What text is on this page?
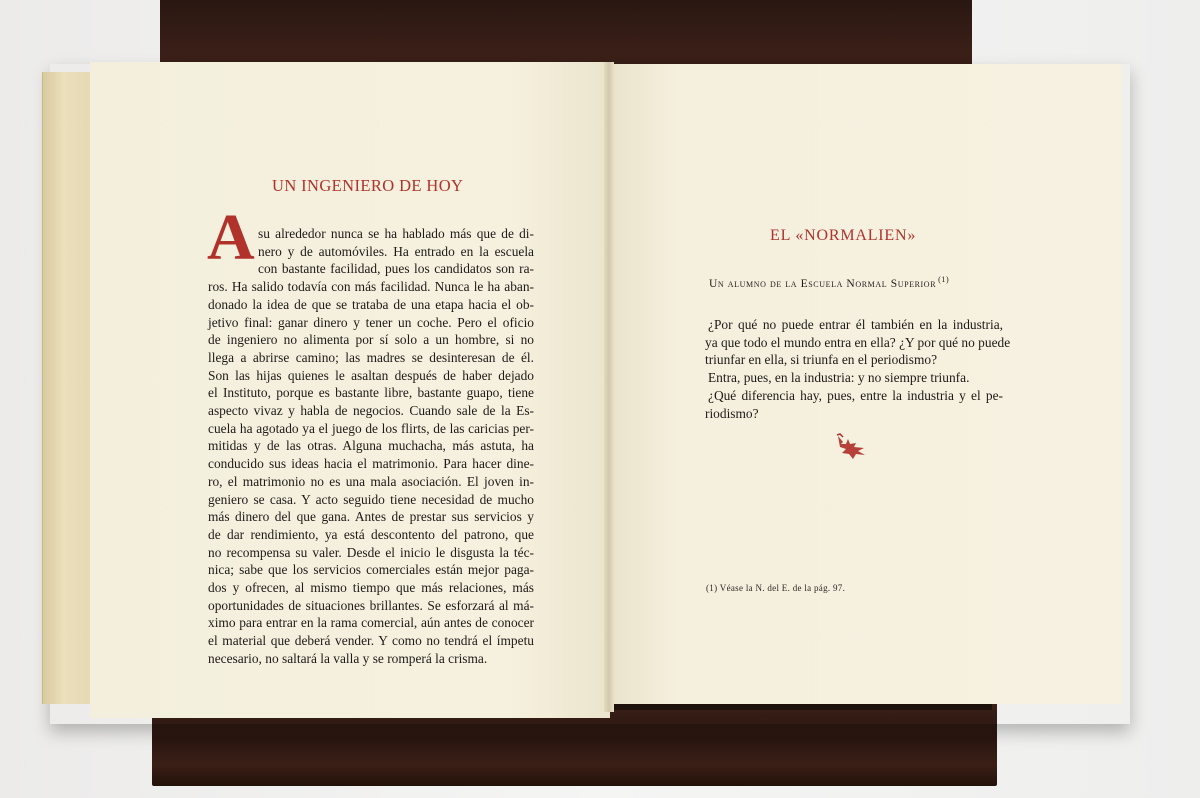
UN INGENIERO DE HOY
A su alrededor nunca se ha hablado más que de di-
nero y de automóviles. Ha entrado en la escuela
con bastante facilidad, pues los candidatos son ra-
ros. Ha salido todavía con más facilidad. Nunca le ha aban-
donado la idea de que se trataba de una etapa hacia el ob-
jetivo final: ganar dinero y tener un coche. Pero el oficio
de ingeniero no alimenta por sí solo a un hombre, si no
llega a abrirse camino; las madres se desinteresan de él.
Son las hijas quienes le asaltan después de haber dejado
el Instituto, porque es bastante libre, bastante guapo, tiene
aspecto vivaz y habla de negocios. Cuando sale de la Es-
cuela ha agotado ya el juego de los flirts, de las caricias per-
mitidas y de las otras. Alguna muchacha, más astuta, ha
conducido sus ideas hacia el matrimonio. Para hacer dine-
ro, el matrimonio no es una mala asociación. El joven in-
geniero se casa. Y acto seguido tiene necesidad de mucho
más dinero del que gana. Antes de prestar sus servicios y
de dar rendimiento, ya está descontento del patrono, que
no recompensa su valer. Desde el inicio le disgusta la téc-
nica; sabe que los servicios comerciales están mejor paga-
dos y ofrecen, al mismo tiempo que más relaciones, más
oportunidades de situaciones brillantes. Se esforzará al má-
ximo para entrar en la rama comercial, aún antes de conocer
el material que deberá vender. Y como no tendrá el ímpetu
necesario, no saltará la valla y se romperá la crisma.
EL «NORMALIEN»
Un alumno de la Escuela Normal Superior $^{(1)}$
¿Por qué no puede entrar él también en la industria,
ya que todo el mundo entra en ella? ¿Y por qué no puede
triunfar en ella, si triunfa en el periodismo?
Entra, pues, en la industria: y no siempre triunfa.
¿Qué diferencia hay, pues, entre la industria y el pe-
riodismo?
(1) Véase la N. del E. de la pág. 97.
